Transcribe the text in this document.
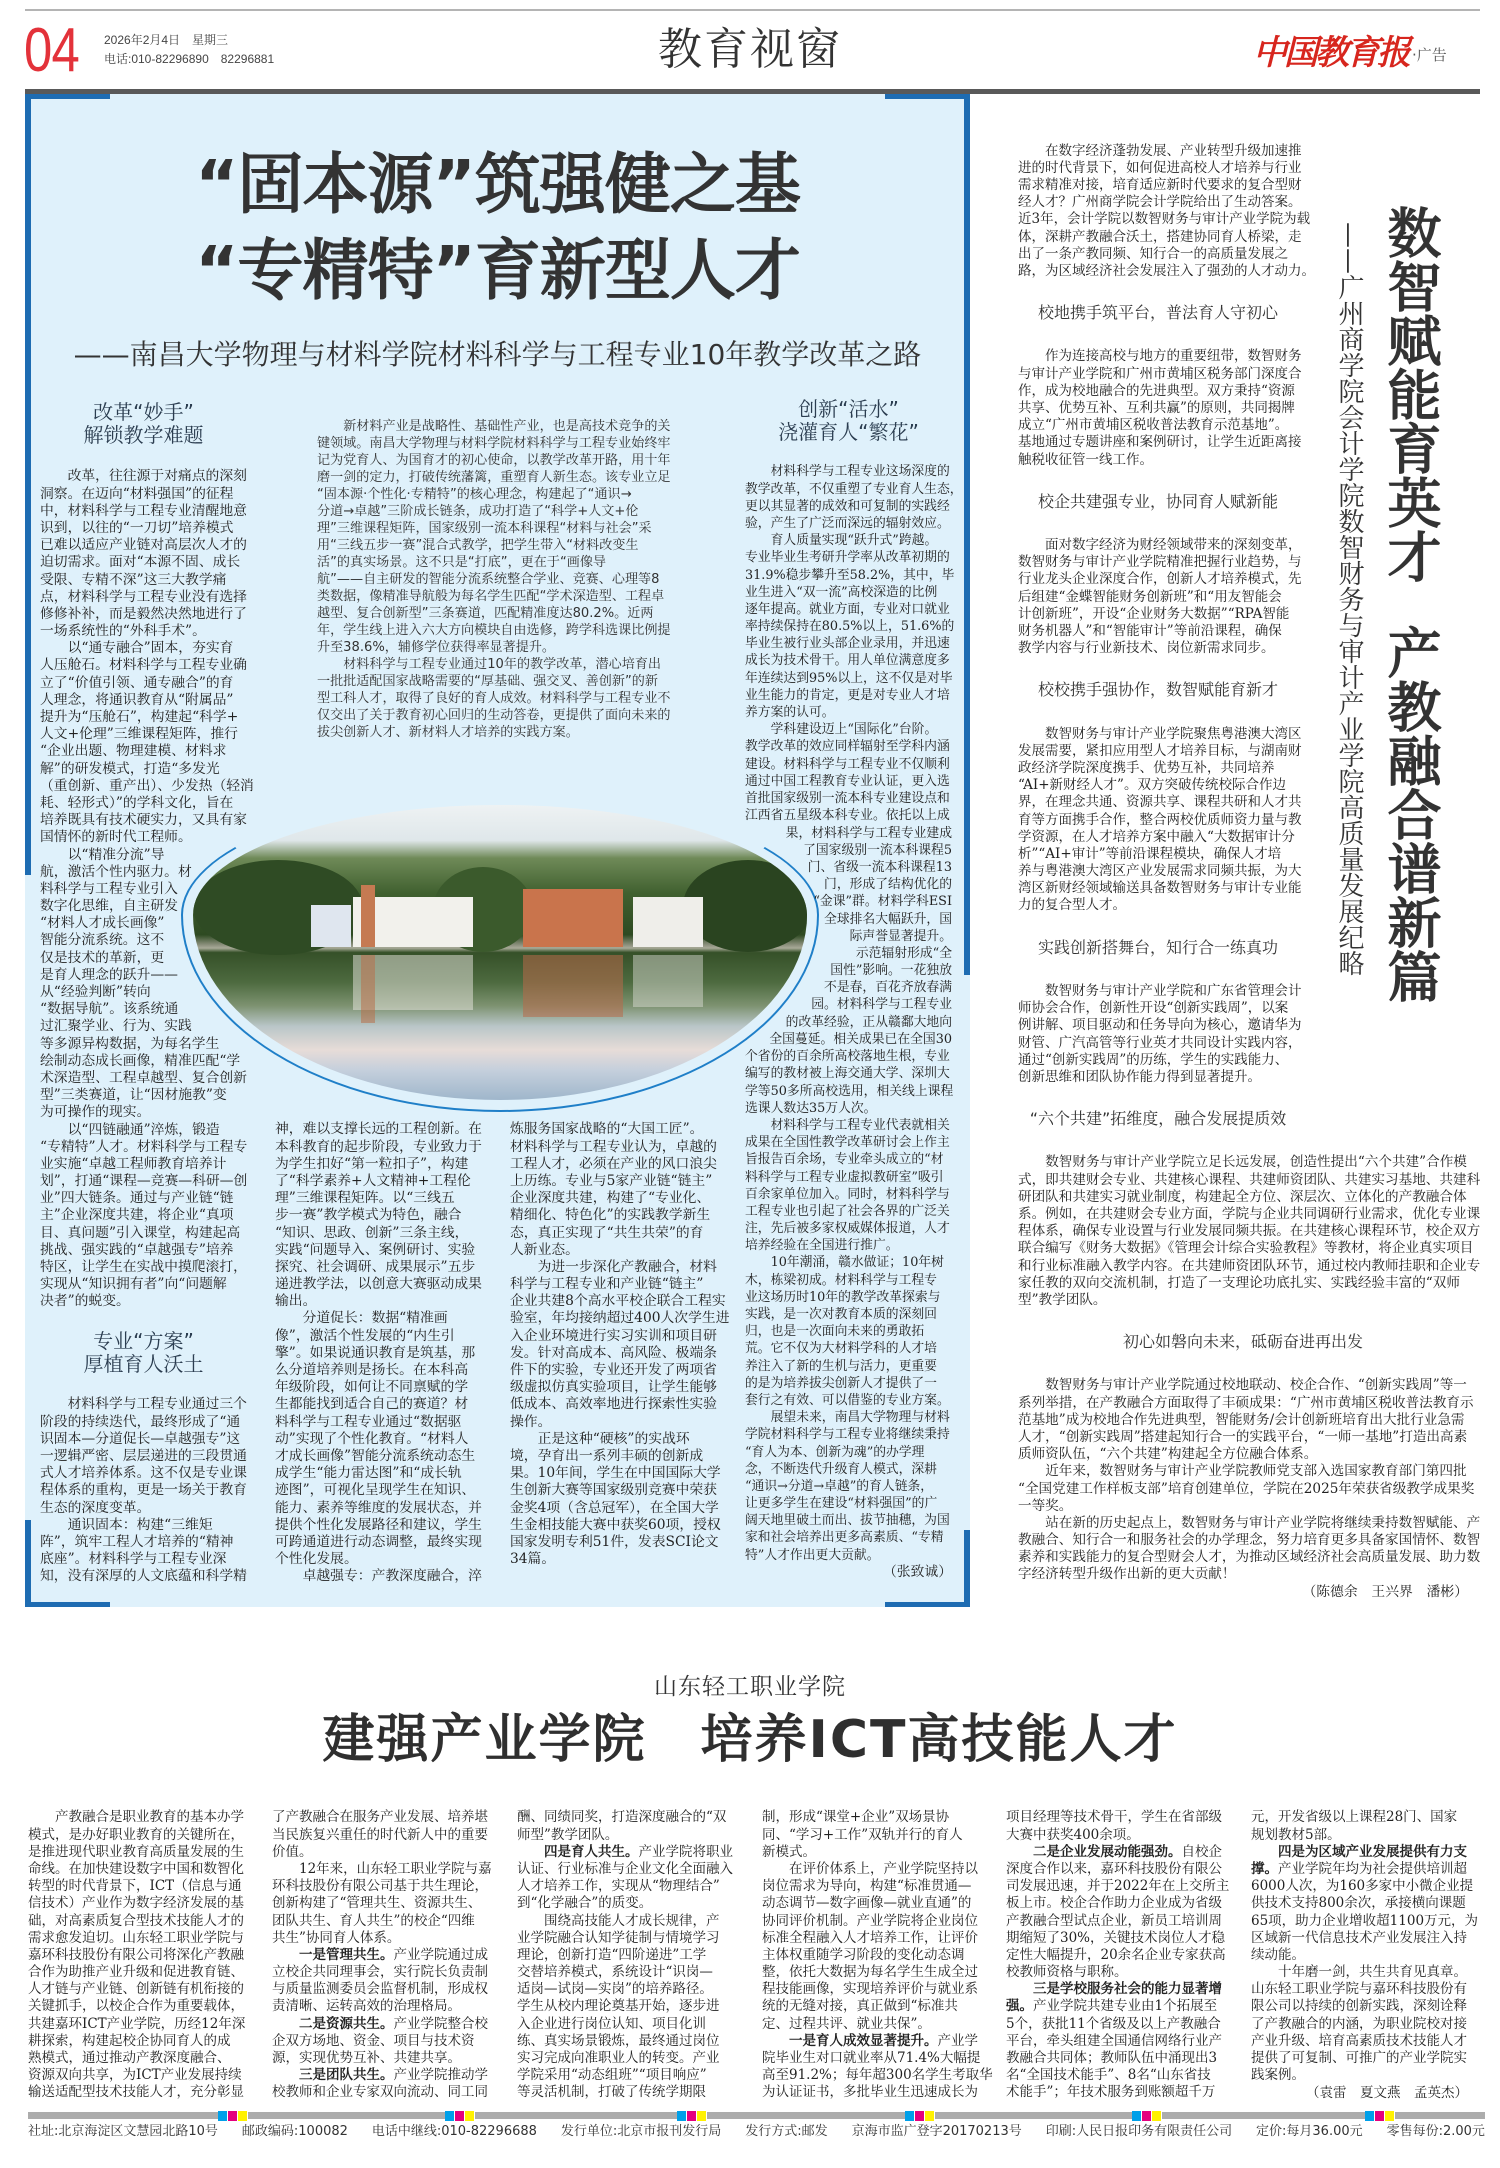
04 2026年2月4日　星期三
电话:010-82296890　82296881	教育视窗	中国教育报 ·广告
“固本源”筑强健之基
“专精特”育新型人才
——南昌大学物理与材料学院材料科学与工程专业10年教学改革之路
改革“妙手”
解锁教学难题
改革，往往源于对痛点的深刻
洞察。在迈向“材料强国”的征程
中，材料科学与工程专业清醒地意
识到，以往的“一刀切”培养模式
已难以适应产业链对高层次人才的
迫切需求。面对“本源不固、成长
受限、专精不深”这三大教学痛
点，材料科学与工程专业没有选择
修修补补，而是毅然决然地进行了
一场系统性的“外科手术”。
以“通专融合”固本，夯实育
人压舱石。材料科学与工程专业确
立了“价值引领、通专融合”的育
人理念，将通识教育从“附属品”
提升为“压舱石”，构建起“科学+
人文+伦理”三维课程矩阵，推行
“企业出题、物理建模、材料求
解”的研发模式，打造“多发光
（重创新、重产出）、少发热（轻消
耗、轻形式）”的学科文化，旨在
培养既具有技术硬实力，又具有家
国情怀的新时代工程师。
以“精准分流”导
航，激活个性内驱力。材
料科学与工程专业引入
数字化思维，自主研发
“材料人才成长画像”
智能分流系统。这不
仅是技术的革新，更
是育人理念的跃升——
从“经验判断”转向
“数据导航”。该系统通
过汇聚学业、行为、实践
等多源异构数据，为每名学生
绘制动态成长画像，精准匹配“学
术深造型、工程卓越型、复合创新
型”三类赛道，让“因材施教”变
为可操作的现实。
以“四链融通”淬炼，锻造
“专精特”人才。材料科学与工程专
业实施“卓越工程师教育培养计
划”，打通“课程—竞赛—科研—创
业”四大链条。通过与产业链“链
主”企业深度共建，将企业“真项
目、真问题”引入课堂，构建起高
挑战、强实践的“卓越强专”培养
特区，让学生在实战中摸爬滚打，
实现从“知识拥有者”向“问题解
决者”的蜕变。
专业“方案”
厚植育人沃土
材料科学与工程专业通过三个
阶段的持续迭代，最终形成了“通
识固本—分道促长—卓越强专”这
一逻辑严密、层层递进的三段贯通
式人才培养体系。这不仅是专业课
程体系的重构，更是一场关于教育
生态的深度变革。
通识固本：构建“三维矩
阵”，筑牢工程人才培养的“精神
底座”。材料科学与工程专业深
知，没有深厚的人文底蕴和科学精
新材料产业是战略性、基础性产业，也是高技术竞争的关
键领域。南昌大学物理与材料学院材料科学与工程专业始终牢
记为党育人、为国育才的初心使命，以教学改革开路，用十年
磨一剑的定力，打破传统藩篱，重塑育人新生态。该专业立足
“固本源·个性化·专精特”的核心理念，构建起了“通识→
分道→卓越”三阶成长链条，成功打造了“科学+人文+伦
理”三维课程矩阵，国家级别一流本科课程“材料与社会”采
用“三线五步一赛”混合式教学，把学生带入“材料改变生
活”的真实场景。这不只是“打底”，更在于“画像导
航”——自主研发的智能分流系统整合学业、竞赛、心理等8
类数据，像精准导航般为每名学生匹配“学术深造型、工程卓
越型、复合创新型”三条赛道，匹配精准度达80.2%。近两
年，学生线上进入六大方向模块自由选修，跨学科选课比例提
升至38.6%，辅修学位获得率显著提升。
材料科学与工程专业通过10年的教学改革，潜心培育出
一批批适配国家战略需要的“厚基础、强交叉、善创新”的新
型工科人才，取得了良好的育人成效。材料科学与工程专业不
仅交出了关于教育初心回归的生动答卷，更提供了面向未来的
拔尖创新人才、新材料人才培养的实践方案。
神，难以支撑长远的工程创新。在
本科教育的起步阶段，专业致力于
为学生扣好“第一粒扣子”，构建
了“科学素养+人文精神+工程伦
理”三维课程矩阵。以“三线五
步一赛”教学模式为特色，融合
“知识、思政、创新”三条主线，
实践“问题导入、案例研讨、实验
探究、社会调研、成果展示”五步
递进教学法，以创意大赛驱动成果
输出。
分道促长：数据“精准画
像”，激活个性发展的“内生引
擎”。如果说通识教育是筑基，那
么分道培养则是扬长。在本科高
年级阶段，如何让不同禀赋的学
生都能找到适合自己的赛道？材
料科学与工程专业通过“数据驱
动”实现了个性化教育。“材料人
才成长画像”智能分流系统动态生
成学生“能力雷达图”和“成长轨
迹图”，可视化呈现学生在知识、
能力、素养等维度的发展状态，并
提供个性化发展路径和建议，学生
可跨通道进行动态调整，最终实现
个性化发展。
卓越强专：产教深度融合，淬
炼服务国家战略的“大国工匠”。
材料科学与工程专业认为，卓越的
工程人才，必须在产业的风口浪尖
上历练。专业与5家产业链“链主”
企业深度共建，构建了“专业化、
精细化、特色化”的实践教学新生
态，真正实现了“共生共荣”的育
人新业态。
为进一步深化产教融合，材料
科学与工程专业和产业链“链主”
企业共建8个高水平校企联合工程实
验室，年均接纳超过400人次学生进
入企业环境进行实习实训和项目研
发。针对高成本、高风险、极端条
件下的实验，专业还开发了两项省
级虚拟仿真实验项目，让学生能够
低成本、高效率地进行探索性实验
操作。
正是这种“硬核”的实战环
境，孕育出一系列丰硕的创新成
果。10年间，学生在中国国际大学
生创新大赛等国家级别竞赛中荣获
金奖4项（含总冠军），在全国大学
生金相技能大赛中获奖60项，授权
国家发明专利51件，发表SCI论文
34篇。
创新“活水”
浇灌育人“繁花”
材料科学与工程专业这场深度的
教学改革，不仅重塑了专业育人生态，
更以其显著的成效和可复制的实践经
验，产生了广泛而深远的辐射效应。
育人质量实现“跃升式”跨越。
专业毕业生考研升学率从改革初期的
31.9%稳步攀升至58.2%，其中，毕
业生进入“双一流”高校深造的比例
逐年提高。就业方面，专业对口就业
率持续保持在80.5%以上，51.6%的
毕业生被行业头部企业录用，并迅速
成长为技术骨干。用人单位满意度多
年连续达到95%以上，这不仅是对毕
业生能力的肯定，更是对专业人才培
养方案的认可。
学科建设迈上“国际化”台阶。
教学改革的效应同样辐射至学科内涵
建设。材料科学与工程专业不仅顺利
通过中国工程教育专业认证，更入选
首批国家级别一流本科专业建设点和
江西省五星级本科专业。依托以上成
果，材料科学与工程专业建成
了国家级别一流本科课程5
门、省级一流本科课程13
门，形成了结构优化的
“金课”群。材料学科ESI
全球排名大幅跃升，国
际声誉显著提升。
示范辐射形成“全
国性”影响。一花独放
不是春，百花齐放春满
园。材料科学与工程专业
的改革经验，正从赣鄱大地向
全国蔓延。相关成果已在全国30
个省份的百余所高校落地生根，专业
编写的教材被上海交通大学、深圳大
学等50多所高校选用，相关线上课程
选课人数达35万人次。
材料科学与工程专业代表就相关
成果在全国性教学改革研讨会上作主
旨报告百余场，专业牵头成立的“材
料科学与工程专业虚拟教研室”吸引
百余家单位加入。同时，材料科学与
工程专业也引起了社会各界的广泛关
注，先后被多家权威媒体报道，人才
培养经验在全国进行推广。
10年潮涌，赣水做证；10年树
木，栋梁初成。材料科学与工程专
业这场历时10年的教学改革探索与
实践，是一次对教育本质的深刻回
归，也是一次面向未来的勇敢拓
荒。它不仅为大材料学科的人才培
养注入了新的生机与活力，更重要
的是为培养拔尖创新人才提供了一
套行之有效、可以借鉴的专业方案。
展望未来，南昌大学物理与材料
学院材料科学与工程专业将继续秉持
“育人为本、创新为魂”的办学理
念，不断迭代升级育人模式，深耕
“通识→分道→卓越”的育人链条，
让更多学生在建设“材料强国”的广
阔天地里破土而出、拔节抽穗，为国
家和社会培养出更多高素质、“专精
特”人才作出更大贡献。
（张致诚）
在数字经济蓬勃发展、产业转型升级加速推
进的时代背景下，如何促进高校人才培养与行业
需求精准对接，培育适应新时代要求的复合型财
经人才？广州商学院会计学院给出了生动答案。
近3年，会计学院以数智财务与审计产业学院为载
体，深耕产教融合沃土，搭建协同育人桥梁，走
出了一条产教同频、知行合一的高质量发展之
路，为区域经济社会发展注入了强劲的人才动力。
校地携手筑平台，普法育人守初心
作为连接高校与地方的重要纽带，数智财务
与审计产业学院和广州市黄埔区税务部门深度合
作，成为校地融合的先进典型。双方秉持“资源
共享、优势互补、互利共赢”的原则，共同揭牌
成立“广州市黄埔区税收普法教育示范基地”。
基地通过专题讲座和案例研讨，让学生近距离接
触税收征管一线工作。
校企共建强专业，协同育人赋新能
面对数字经济为财经领域带来的深刻变革，
数智财务与审计产业学院精准把握行业趋势，与
行业龙头企业深度合作，创新人才培养模式，先
后组建“金蝶智能财务创新班”和“用友智能会
计创新班”，开设“企业财务大数据”“RPA智能
财务机器人”和“智能审计”等前沿课程，确保
教学内容与行业新技术、岗位新需求同步。
校校携手强协作，数智赋能育新才
数智财务与审计产业学院聚焦粤港澳大湾区
发展需要，紧扣应用型人才培养目标，与湖南财
政经济学院深度携手、优势互补，共同培养
“AI+新财经人才”。双方突破传统校际合作边
界，在理念共通、资源共享、课程共研和人才共
育等方面携手合作，整合两校优质师资力量与教
学资源，在人才培养方案中融入“大数据审计分
析”“AI+审计”等前沿课程模块，确保人才培
养与粤港澳大湾区产业发展需求同频共振，为大
湾区新财经领域输送具备数智财务与审计专业能
力的复合型人才。
实践创新搭舞台，知行合一练真功
数智财务与审计产业学院和广东省管理会计
师协会合作，创新性开设“创新实践周”，以案
例讲解、项目驱动和任务导向为核心，邀请华为
财管、广汽高管等行业英才共同设计实践内容，
通过“创新实践周”的历练，学生的实践能力、
创新思维和团队协作能力得到显著提升。
“六个共建”拓维度，融合发展提质效
数智财务与审计产业学院立足长远发展，创造性提出“六个共建”合作模
式，即共建财会专业、共建核心课程、共建师资团队、共建实习基地、共建科
研团队和共建实习就业制度，构建起全方位、深层次、立体化的产教融合体
系。例如，在共建财会专业方面，学院与企业共同调研行业需求，优化专业课
程体系，确保专业设置与行业发展同频共振。在共建核心课程环节，校企双方
联合编写《财务大数据》《管理会计综合实验教程》等教材，将企业真实项目
和行业标准融入教学内容。在共建师资团队环节，通过校内教师挂职和企业专
家任教的双向交流机制，打造了一支理论功底扎实、实践经验丰富的“双师
型”教学团队。
初心如磐向未来，砥砺奋进再出发
数智财务与审计产业学院通过校地联动、校企合作、“创新实践周”等一
系列举措，在产教融合方面取得了丰硕成果：“广州市黄埔区税收普法教育示
范基地”成为校地合作先进典型，智能财务/会计创新班培育出大批行业急需
人才，“创新实践周”搭建起知行合一的实践平台，“一师一基地”打造出高素
质师资队伍，“六个共建”构建起全方位融合体系。
近年来，数智财务与审计产业学院教师党支部入选国家教育部门第四批
“全国党建工作样板支部”培育创建单位，学院在2025年荣获省级教学成果奖
一等奖。
站在新的历史起点上，数智财务与审计产业学院将继续秉持数智赋能、产
教融合、知行合一和服务社会的办学理念，努力培育更多具备家国情怀、数智
素养和实践能力的复合型财会人才，为推动区域经济社会高质量发展、助力数
字经济转型升级作出新的更大贡献！
（陈德余　王兴界　潘彬）
数智赋能育英才
产教融合谱新篇
——广州商学院会计学院数智财务与审计产业学院高质量发展纪略
山东轻工职业学院
建强产业学院　培养ICT高技能人才
产教融合是职业教育的基本办学
模式，是办好职业教育的关键所在，
是推进现代职业教育高质量发展的生
命线。在加快建设数字中国和数智化
转型的时代背景下，ICT（信息与通
信技术）产业作为数字经济发展的基
础，对高素质复合型技术技能人才的
需求愈发迫切。山东轻工职业学院与
嘉环科技股份有限公司将深化产教融
合作为助推产业升级和促进教育链、
人才链与产业链、创新链有机衔接的
关键抓手，以校企合作为重要载体，
共建嘉环ICT产业学院，历经12年深
耕探索，构建起校企协同育人的成
熟模式，通过推动产教深度融合、
资源双向共享，为ICT产业发展持续
输送适配型技术技能人才，充分彰显
了产教融合在服务产业发展、培养堪
当民族复兴重任的时代新人中的重要
价值。
12年来，山东轻工职业学院与嘉
环科技股份有限公司基于共生理论，
创新构建了“管理共生、资源共生、
团队共生、育人共生”的校企“四维
共生”协同育人体系。
一是管理共生。产业学院通过成
立校企共同理事会，实行院长负责制
与质量监测委员会监督机制，形成权
责清晰、运转高效的治理格局。
二是资源共生。产业学院整合校
企双方场地、资金、项目与技术资
源，实现优势互补、共建共享。
三是团队共生。产业学院推动学
校教师和企业专家双向流动、同工同
酬、同绩同奖，打造深度融合的“双
师型”教学团队。
四是育人共生。产业学院将职业
认证、行业标准与企业文化全面融入
人才培养工作，实现从“物理结合”
到“化学融合”的质变。
围绕高技能人才成长规律，产
业学院融合认知学徒制与情境学习
理论，创新打造“四阶递进”工学
交替培养模式，系统设计“识岗—
适岗—试岗—实岗”的培养路径。
学生从校内理论奠基开始，逐步进
入企业进行岗位认知、项目化训
练、真实场景锻炼，最终通过岗位
实习完成向准职业人的转变。产业
学院采用“动态组班”“项目响应”
等灵活机制，打破了传统学期限
制，形成“课堂+企业”双场景协
同、“学习+工作”双轨并行的育人
新模式。
在评价体系上，产业学院坚持以
岗位需求为导向，构建“标准贯通—
动态调节—数字画像—就业直通”的
协同评价机制。产业学院将企业岗位
标准全程融入人才培养工作，让评价
主体权重随学习阶段的变化动态调
整，依托大数据为每名学生生成全过
程技能画像，实现培养评价与就业系
统的无缝对接，真正做到“标准共
定、过程共评、就业共保”。
一是育人成效显著提升。产业学
院毕业生对口就业率从71.4%大幅提
高至91.2%；每年超300名学生考取华
为认证证书，多批毕业生迅速成长为
项目经理等技术骨干，学生在省部级
大赛中获奖400余项。
二是企业发展动能强劲。自校企
深度合作以来，嘉环科技股份有限公
司发展迅速，并于2022年在上交所主
板上市。校企合作助力企业成为省级
产教融合型试点企业，新员工培训周
期缩短了30%，关键技术岗位人才稳
定性大幅提升，20余名企业专家获高
校教师资格与职称。
三是学校服务社会的能力显著增
强。产业学院共建专业由1个拓展至
5个，获批11个省级及以上产教融合
平台，牵头组建全国通信网络行业产
教融合共同体；教师队伍中涌现出3
名“全国技术能手”、8名“山东省技
术能手”；年技术服务到账额超千万
元，开发省级以上课程28门、国家
规划教材5部。
四是为区域产业发展提供有力支
撑。产业学院年均为社会提供培训超
6000人次，为160多家中小微企业提
供技术支持800余次，承接横向课题
65项，助力企业增收超1100万元，为
区域新一代信息技术产业发展注入持
续动能。
十年磨一剑，共生共育见真章。
山东轻工职业学院与嘉环科技股份有
限公司以持续的创新实践，深刻诠释
了产教融合的内涵，为职业院校对接
产业升级、培育高素质技术技能人才
提供了可复制、可推广的产业学院实
践案例。
（袁雷　夏文燕　孟英杰）
社址:北京海淀区文慧园北路10号 邮政编码:100082 电话中继线:010-82296688 发行单位:北京市报刊发行局 发行方式:邮发 京海市监广登字20170213号 印刷:人民日报印务有限责任公司 定价:每月36.00元 零售每份:2.00元
